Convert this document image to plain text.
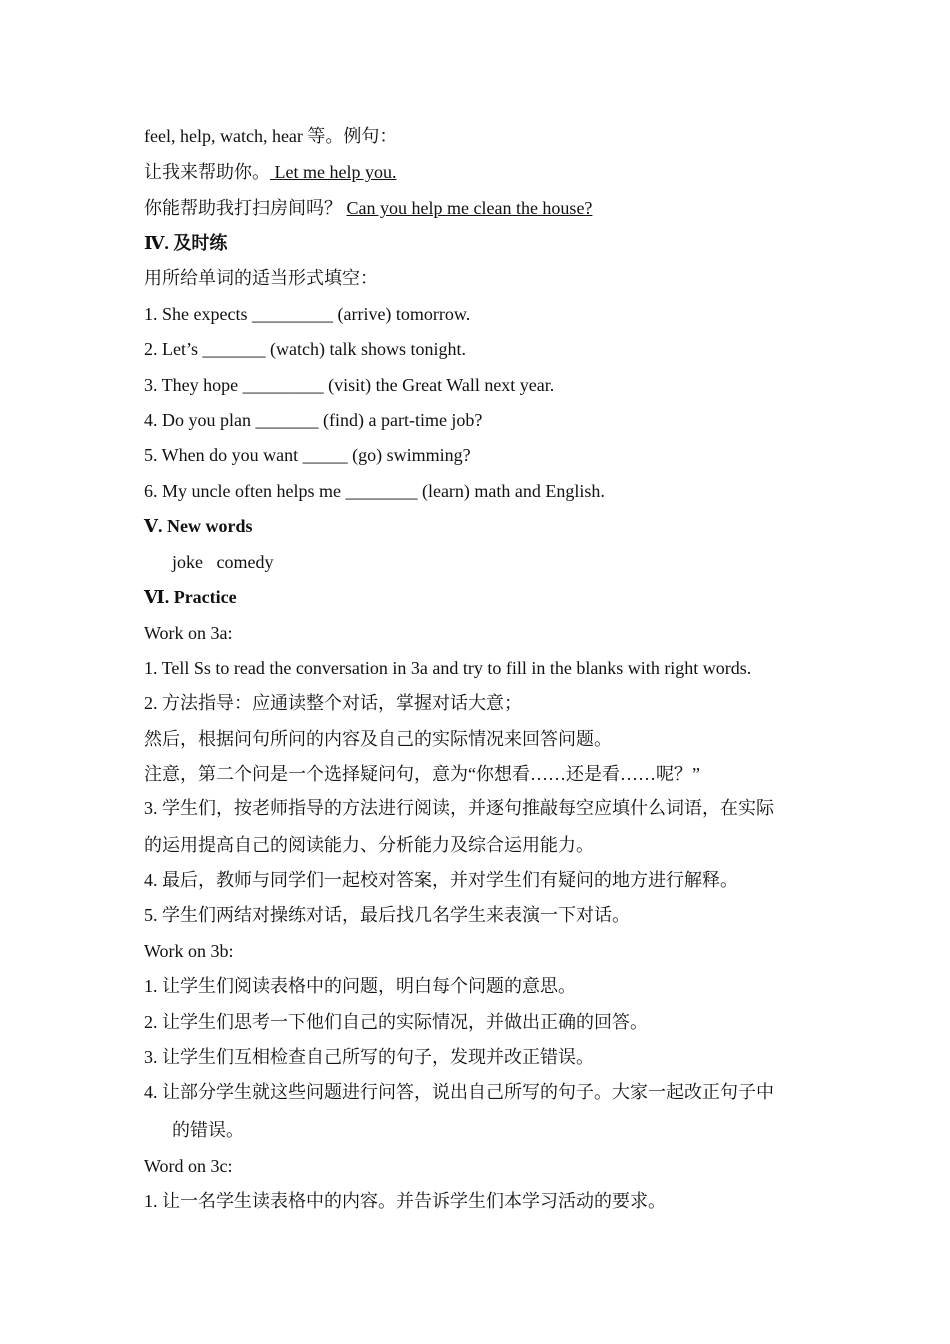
feel, help, watch, hear 等。例句：
让我来帮助你。 Let me help you.
你能帮助我打扫房间吗？ Can you help me clean the house?
Ⅳ. 及时练
用所给单词的适当形式填空：
1. She expects _________ (arrive) tomorrow.
2. Let’s _______ (watch) talk shows tonight.
3. They hope _________ (visit) the Great Wall next year.
4. Do you plan _______ (find) a part-time job?
5. When do you want _____ (go) swimming?
6. My uncle often helps me ________ (learn) math and English.
Ⅴ. New words
joke   comedy
Ⅵ. Practice
Work on 3a:
1. Tell Ss to read the conversation in 3a and try to fill in the blanks with right words.
2. 方法指导：应通读整个对话，掌握对话大意；
然后，根据问句所问的内容及自己的实际情况来回答问题。
注意，第二个问是一个选择疑问句，意为“你想看……还是看……呢？”
3. 学生们，按老师指导的方法进行阅读，并逐句推敲每空应填什么词语，在实际
的运用提高自己的阅读能力、分析能力及综合运用能力。
4. 最后，教师与同学们一起校对答案，并对学生们有疑问的地方进行解释。
5. 学生们两结对操练对话，最后找几名学生来表演一下对话。
Work on 3b:
1. 让学生们阅读表格中的问题，明白每个问题的意思。
2. 让学生们思考一下他们自己的实际情况，并做出正确的回答。
3. 让学生们互相检查自己所写的句子，发现并改正错误。
4. 让部分学生就这些问题进行问答，说出自己所写的句子。大家一起改正句子中
的错误。
Word on 3c:
1. 让一名学生读表格中的内容。并告诉学生们本学习活动的要求。
